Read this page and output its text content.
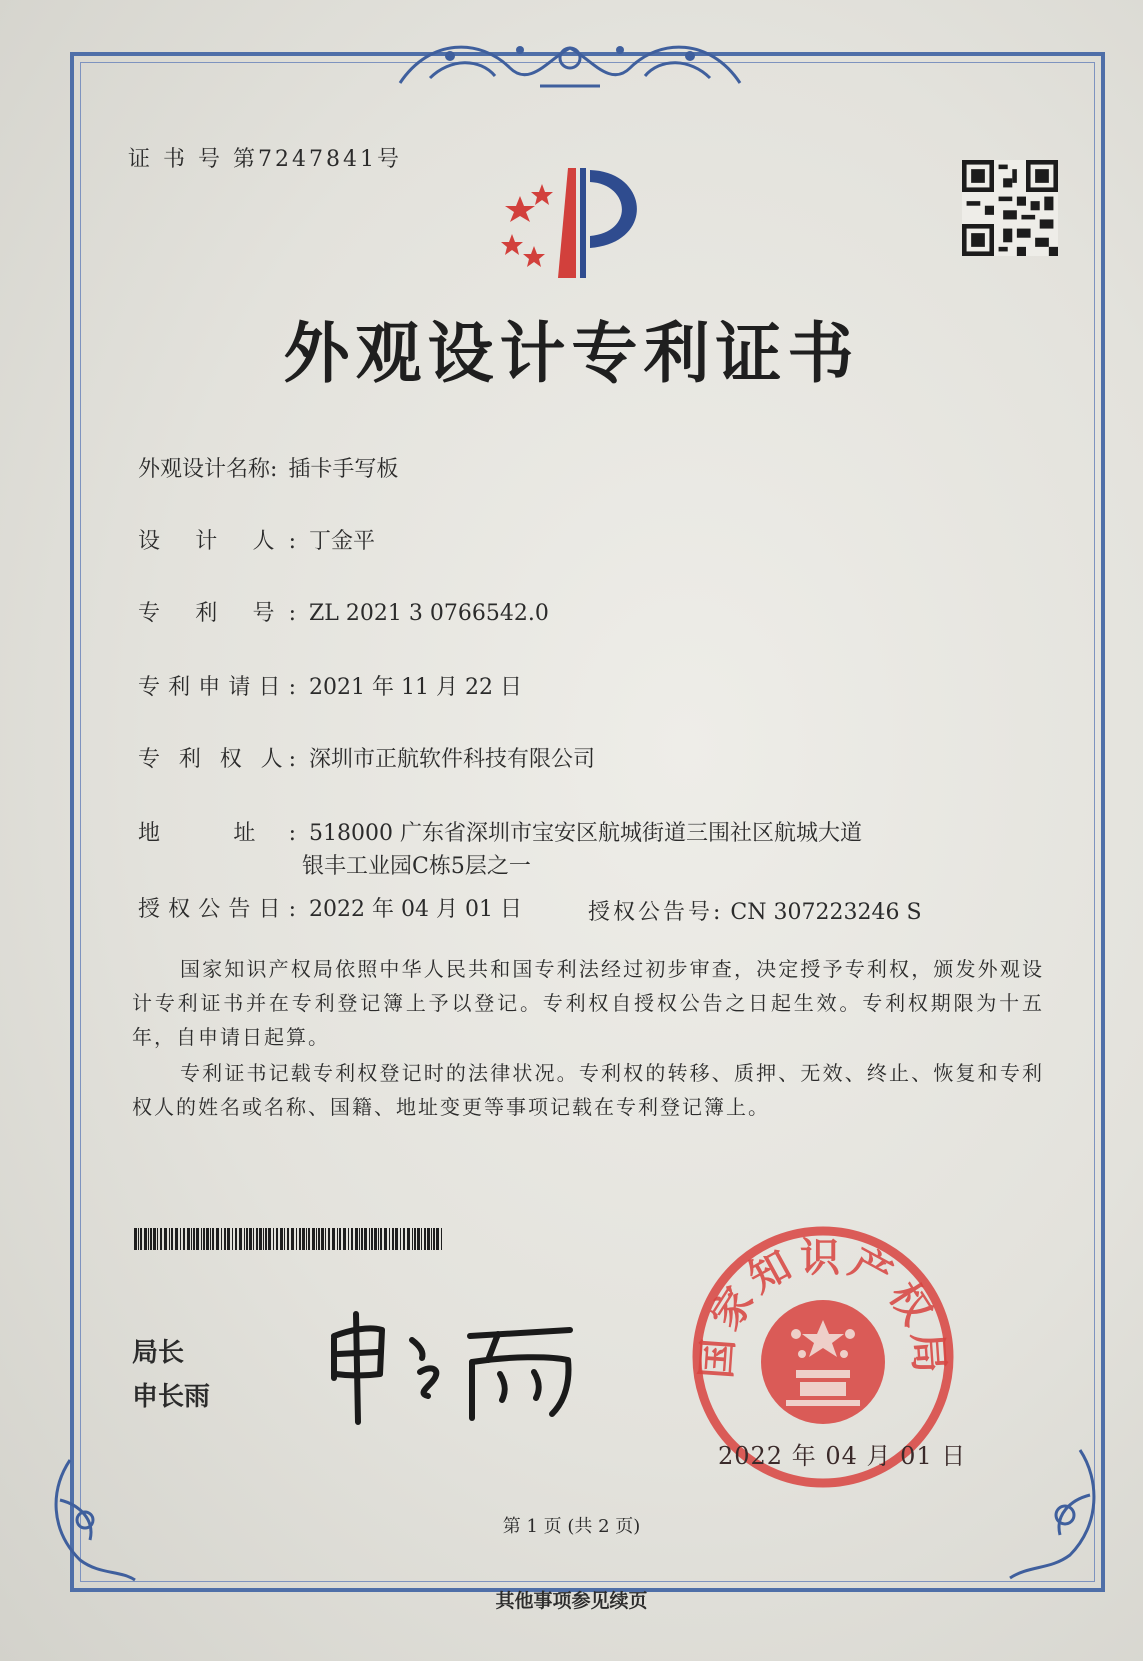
证 书 号 第7247841号
外观设计专利证书
外观设计名称: 插卡手写板
设 计 人: 丁金平
专 利 号: ZL 2021 3 0766542.0
专利申请日: 2021 年 11 月 22 日
专 利 权 人: 深圳市正航软件科技有限公司
地 址: 518000 广东省深圳市宝安区航城街道三围社区航城大道
银丰工业园C栋5层之一
授权公告日: 2022 年 04 月 01 日	授权公告号: CN 307223246 S
国家知识产权局依照中华人民共和国专利法经过初步审查，决定授予专利权，颁发外观设计专利证书并在专利登记簿上予以登记。专利权自授权公告之日起生效。专利权期限为十五年，自申请日起算。
专利证书记载专利权登记时的法律状况。专利权的转移、质押、无效、终止、恢复和专利权人的姓名或名称、国籍、地址变更等事项记载在专利登记簿上。
局长
申长雨
国家知识产权局
2022 年 04 月 01 日
第 1 页 (共 2 页)
其他事项参见续页
